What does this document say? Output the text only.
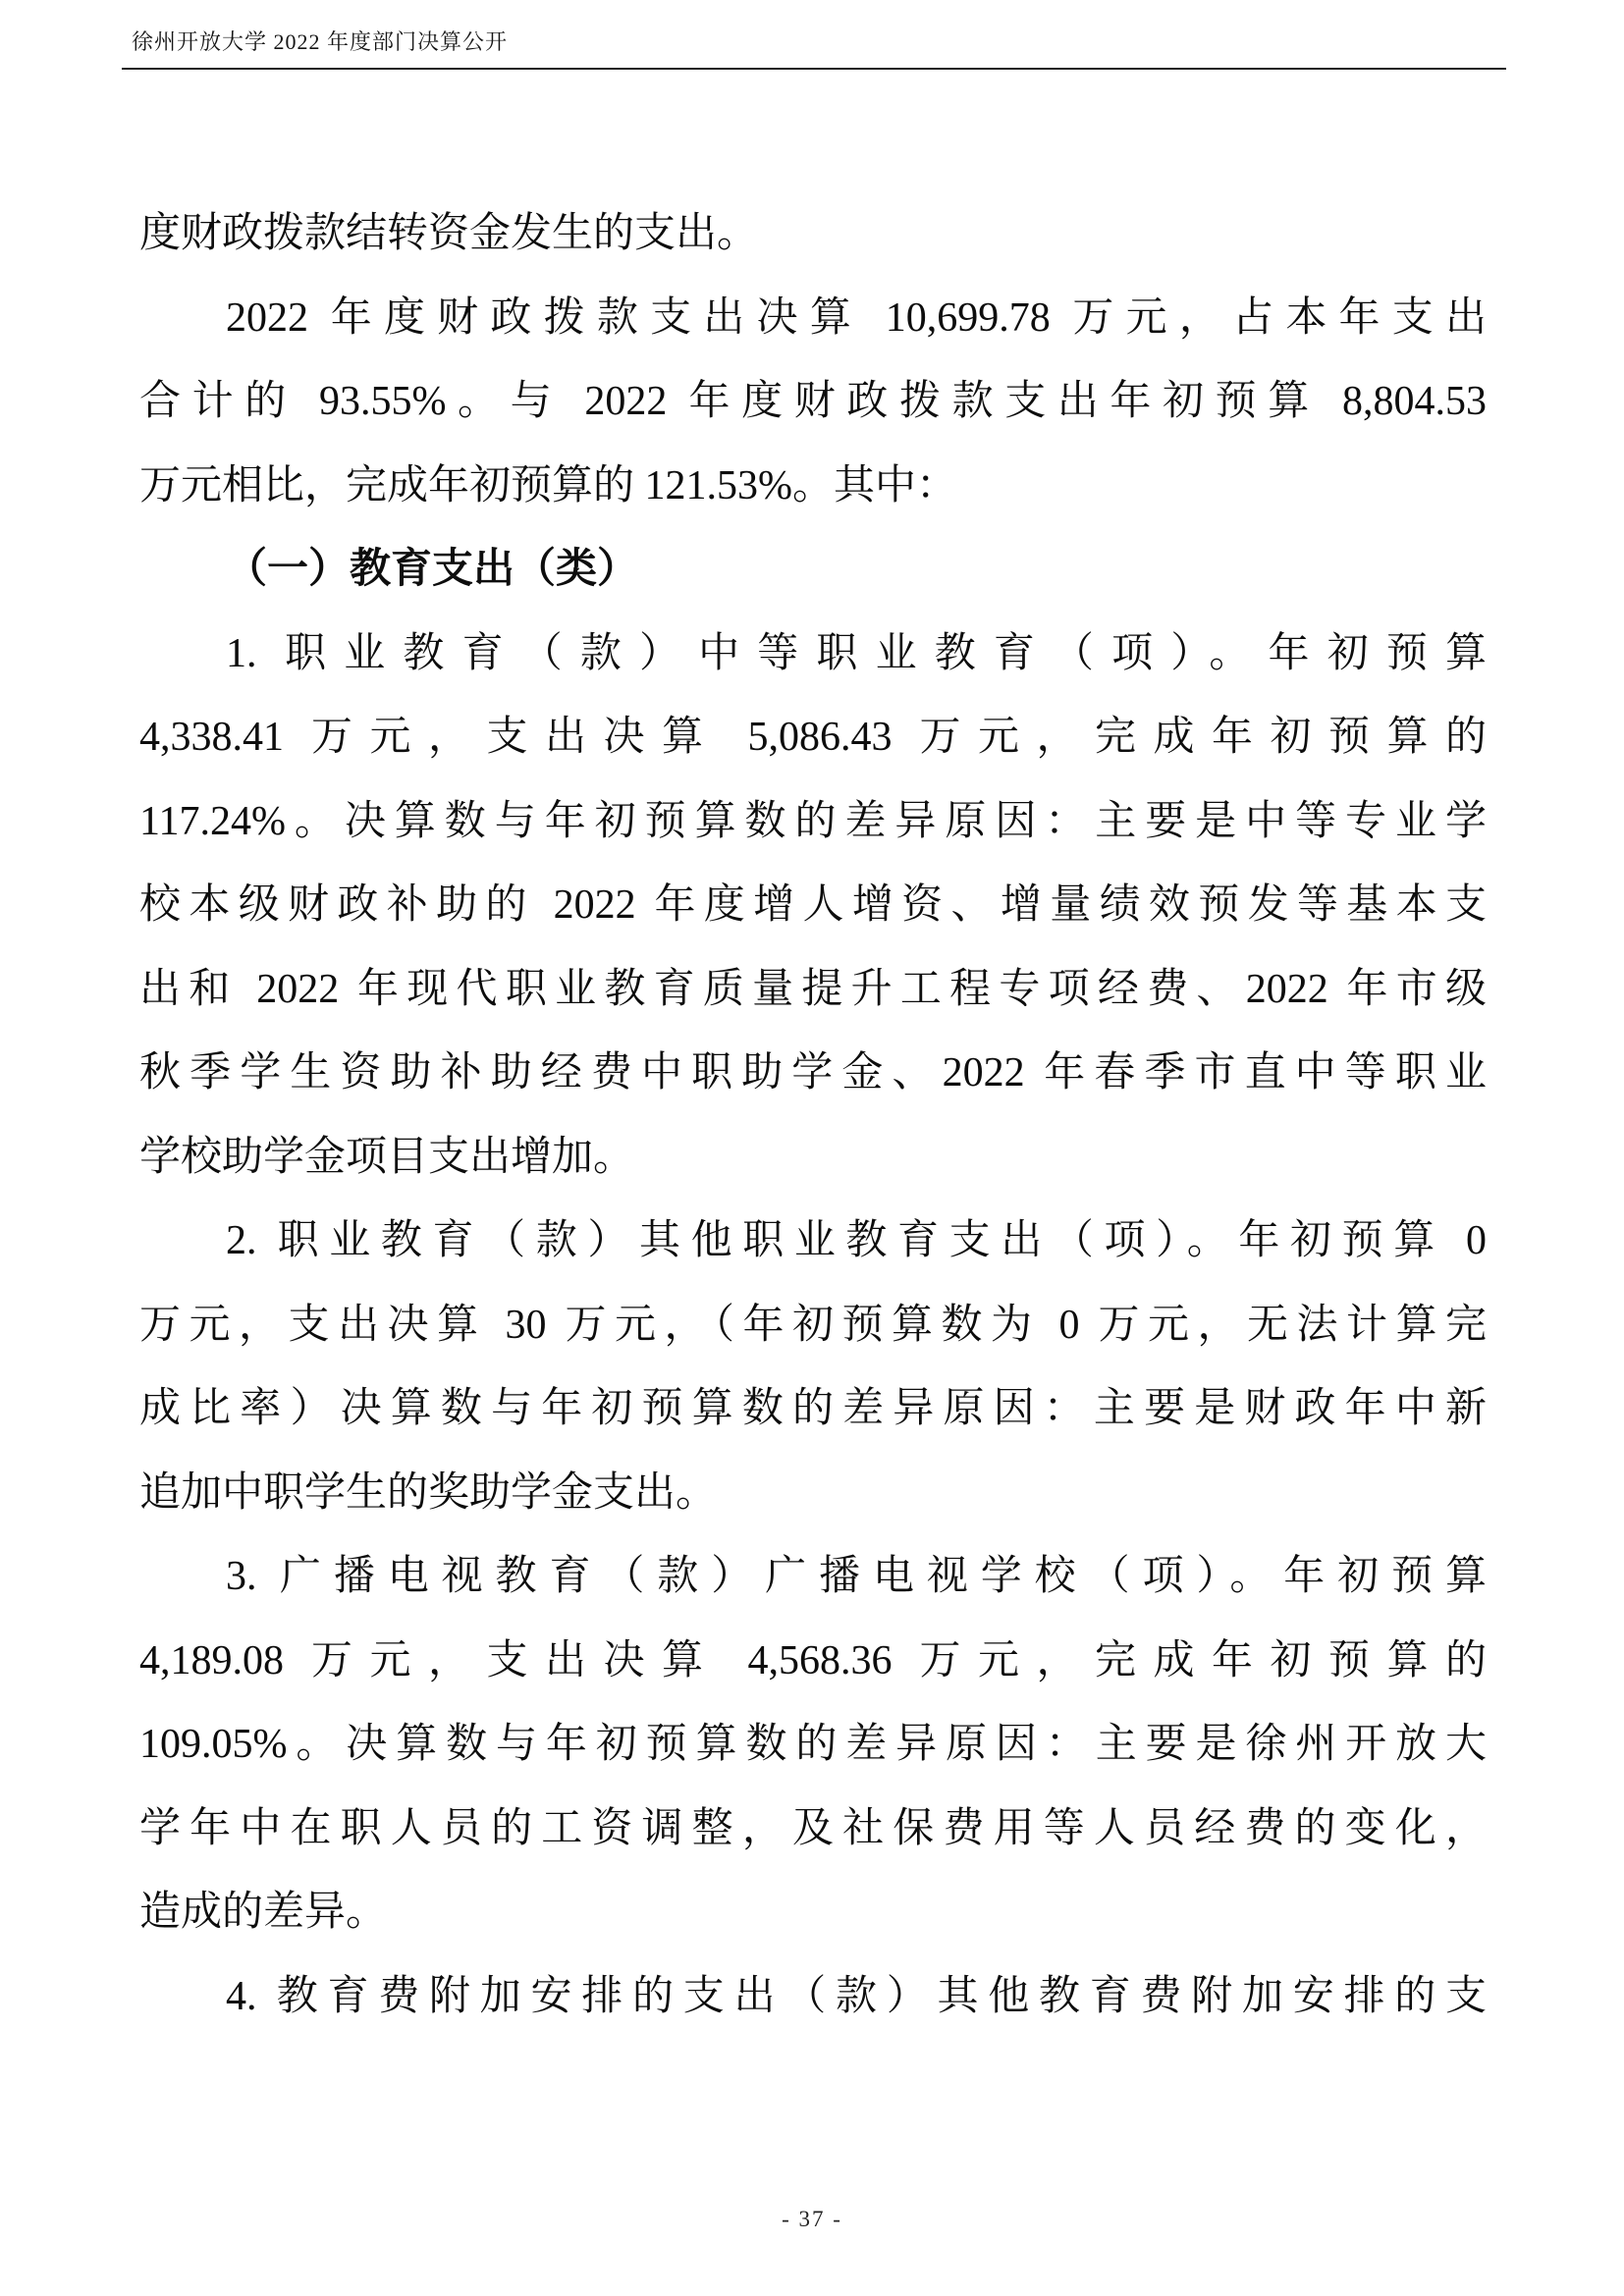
徐州开放大学 2022 年度部门决算公开
度财政拨款结转资金发生的支出。
2022 年度财政拨款支出决算 10,699.78 万元，占本年支出
合计的 93.55%。与 2022 年度财政拨款支出年初预算 8,804.53
万元相比，完成年初预算的 121.53%。其中：
（一）教育支出（类）
1. 职业教育（款）中等职业教育（项）。年初预算
4,338.41 万元，支出决算 5,086.43 万元，完成年初预算的
117.24%。决算数与年初预算数的差异原因：主要是中等专业学
校本级财政补助的 2022 年度增人增资、增量绩效预发等基本支
出和 2022 年现代职业教育质量提升工程专项经费、2022 年市级
秋季学生资助补助经费中职助学金、2022 年春季市直中等职业
学校助学金项目支出增加。
2. 职业教育（款）其他职业教育支出（项）。年初预算 0
万元，支出决算 30 万元，（年初预算数为 0 万元，无法计算完
成比率）决算数与年初预算数的差异原因：主要是财政年中新
追加中职学生的奖助学金支出。
3. 广播电视教育（款）广播电视学校（项）。年初预算
4,189.08 万元，支出决算 4,568.36 万元，完成年初预算的
109.05%。决算数与年初预算数的差异原因：主要是徐州开放大
学年中在职人员的工资调整，及社保费用等人员经费的变化，
造成的差异。
4. 教育费附加安排的支出（款）其他教育费附加安排的支
- 37 -
